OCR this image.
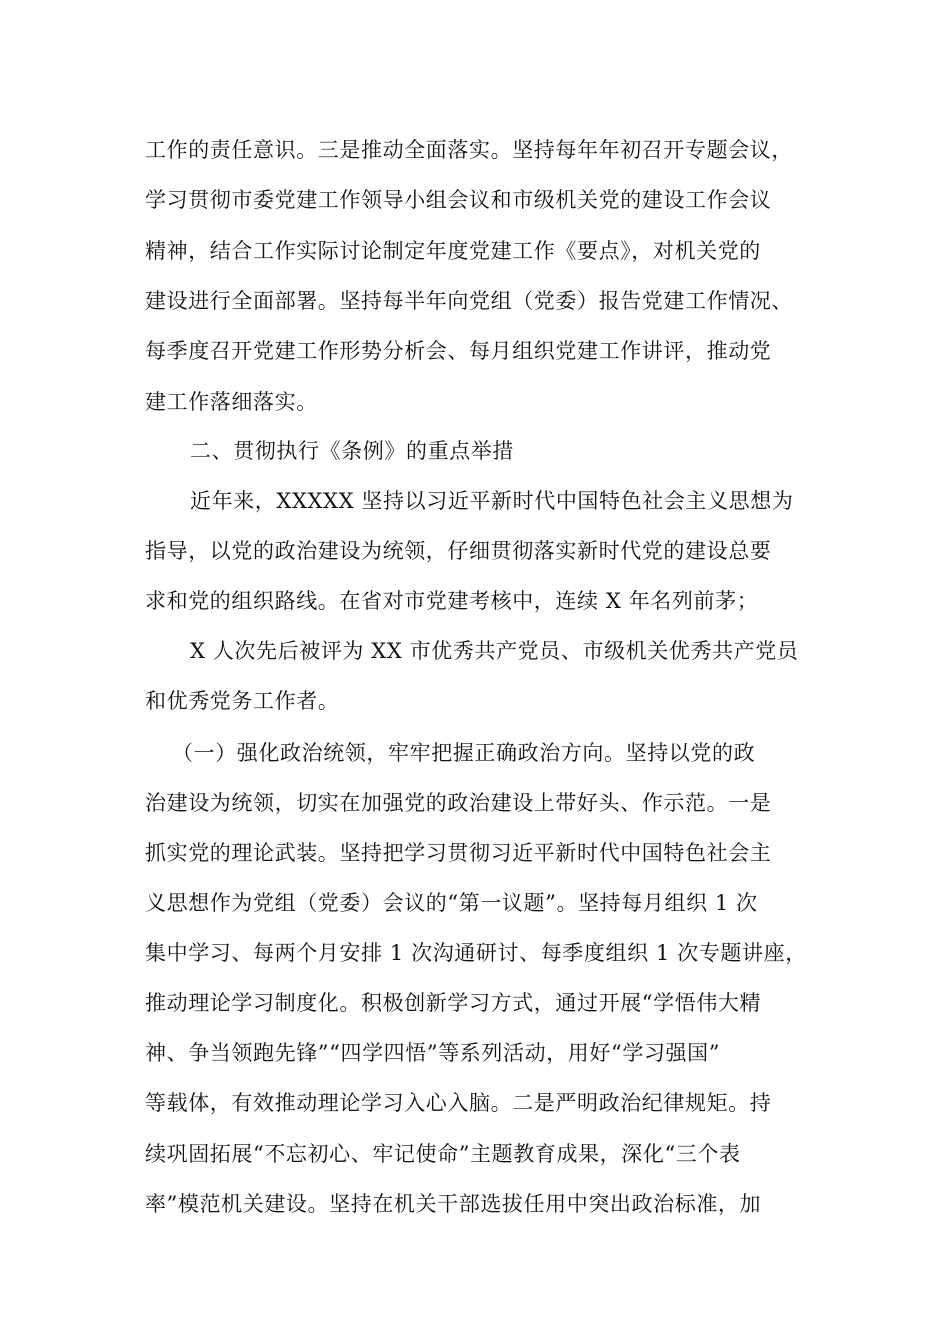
工作的责任意识。三是推动全面落实。坚持每年年初召开专题会议，
学习贯彻市委党建工作领导小组会议和市级机关党的建设工作会议
精神，结合工作实际讨论制定年度党建工作《要点》，对机关党的
建设进行全面部署。坚持每半年向党组（党委）报告党建工作情况、
每季度召开党建工作形势分析会、每月组织党建工作讲评，推动党
建工作落细落实。
二、贯彻执行《条例》的重点举措
近年来，XXXXX 坚持以习近平新时代中国特色社会主义思想为
指导，以党的政治建设为统领，仔细贯彻落实新时代党的建设总要
求和党的组织路线。在省对市党建考核中，连续 X 年名列前茅；
X 人次先后被评为 XX 市优秀共产党员、市级机关优秀共产党员
和优秀党务工作者。
（一）强化政治统领，牢牢把握正确政治方向。坚持以党的政
治建设为统领，切实在加强党的政治建设上带好头、作示范。一是
抓实党的理论武装。坚持把学习贯彻习近平新时代中国特色社会主
义思想作为党组（党委）会议的“第一议题”。坚持每月组织 1 次
集中学习、每两个月安排 1 次沟通研讨、每季度组织 1 次专题讲座，
推动理论学习制度化。积极创新学习方式，通过开展“学悟伟大精
神、争当领跑先锋”“四学四悟”等系列活动，用好“学习强国”
等载体，有效推动理论学习入心入脑。二是严明政治纪律规矩。持
续巩固拓展“不忘初心、牢记使命”主题教育成果，深化“三个表
率”模范机关建设。坚持在机关干部选拔任用中突出政治标准，加
